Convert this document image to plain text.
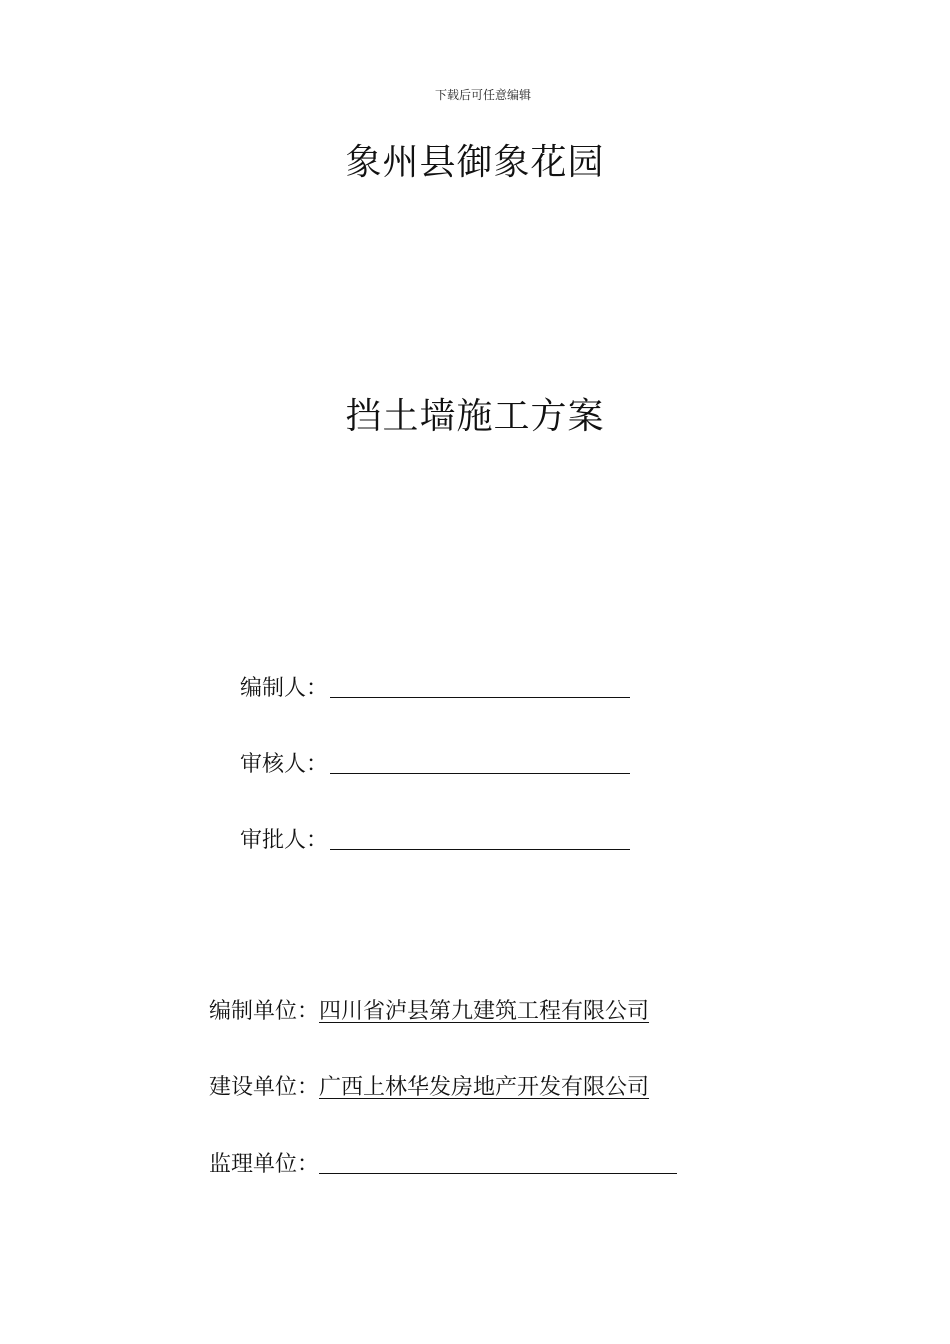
下载后可任意编辑
象州县御象花园
挡土墙施工方案
编制人：
审核人：
审批人：
编制单位： 四川省泸县第九建筑工程有限公司
建设单位： 广西上林华发房地产开发有限公司
监理单位：
